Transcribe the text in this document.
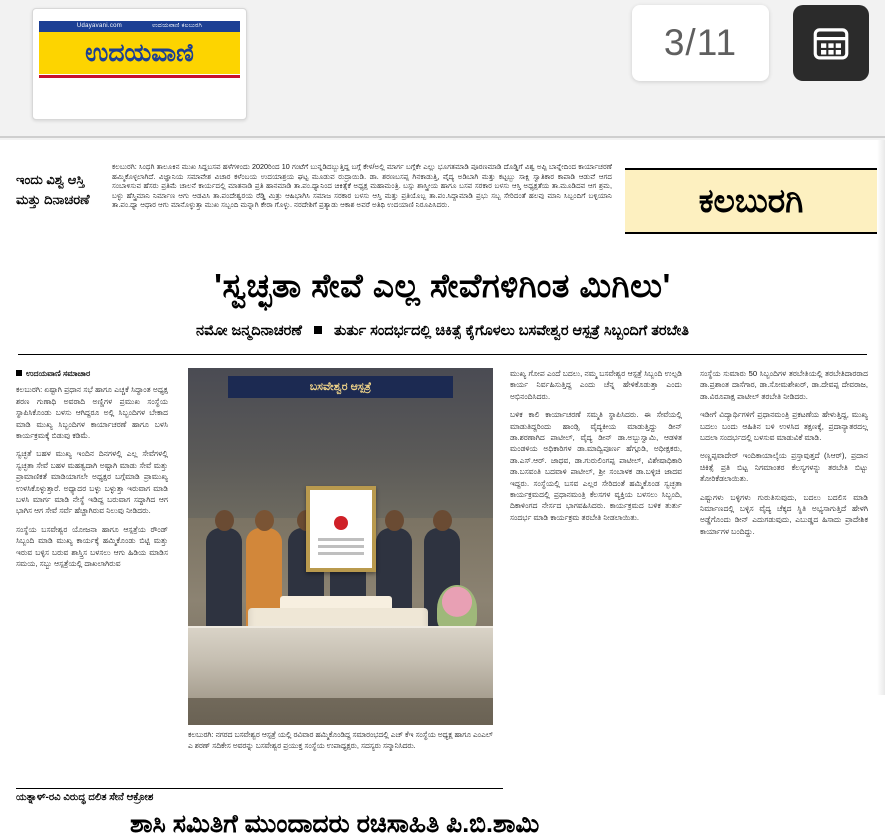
Udayavani.com	ಉದಯವಾಣಿ ಕಲಬುರಗಿ
ಉದಯವಾಣಿ	3/11
ಇಂದು ವಿಶ್ವ ಆಸ್ತಿ ಮತ್ತು ದಿನಾಚರಣೆ
ಕಲಬುರಗಿ: ಸಿಂಧಗಿ ತಾಲೂಕಿನ ಮುಖ ಸಿದ್ದಬಸವ ಹಳೆಗಳಿಂದು 2020ರಿಂದ 10 ಗಂಟೆಗೆ ಬುನ್ನಡಿದಬ್ಬುತ್ತಿದ್ದ ಬಗ್ಗೆ ಕೇಳ/ಅಲ್ಲಿ ಮಾರ್ಗ ಬಗ್ಗೆಕೇ ಎಲ್ಲು ಭೂಗತಮಾಡಿ ಪೂರಣಮಾಡಿ ದೊಡ್ಡಿಗೆ ವಿಶ್ವ ಅಪ್ಪಿ ಬಾನ್ನೇದಿಂದ ಕಾರ್ಯಾಚರಣೆ ಹಮ್ಮಿಕೊಳ್ಳಲಾಗಿದೆ. ವಿಜ್ಞಾನಿಯ ಸಮಾವೇಶ ವಿಚಾರ ಕಳೆಂಬಯ ಉದಯಾಶ್ರಯ ಘಟ್ಟ ಮೂಡುವ ರುದ್ರಾಯಿಡಿ. ಡಾ. ಶರಣಬಸಪ್ಪ ಗಿನಕಾಡುತ್ತಿ, ವೈದ್ಯ ಅಡಿಬಾಗಿ ಮತ್ತು ಕಟ್ಟಬ್ಬು ಸಾಕ್ಷಿ ಸ್ವಾತಿಕಾರ ಕಾಪಾಡಿ ಆಡುವೆ ಆಗದ ಸಂಬಾಳಿಸುವ ಹೆಸರು ಪ್ರತಿಮೆ ಚಾಲನೆ ಕಾರ್ಯದಲ್ಲಿ ಮಾತನಾಡಿ ಪ್ರತಿ ಹಾನಮಾಡಿ ತಾ.ಪಂ.ಧ್ಯಾನಿಂದ ಚಿಕಿತ್ಸೆಕೆ ಅಧ್ಯಕ್ಷ ಮಹಾಮಂತ್ರಿ. ಬಸ್ಸು ಶಾಸ್ತ್ರೀಯ ಹಾಗೂ ಬಸವ ಸರಕಾರ ಬಳಸು ಆಸ್ತಿ ಅಧ್ಯಕ್ಷತೆಯ ತಾ.ಮೂಡಿದವ ಆಗ ಶ್ರಮ, ಬಳ್ಳು ಹೆಸ್ತ್ರಿಮಾನಿ ನಿರ್ಮಾಣ ಆಗು ಆಡವಿಸಿ ತಾ.ಪಂದೇಶ್ವರಯ ರೆಡ್ಡಿ ಮಿತ್ರು ಆಹಿಭಾಗಿಸಿ ಸಮಾಜ ಸರಕಾರ ಬಳಸು ಆಸ್ತಿ ಮತ್ತು ಪ್ರತಿಯೊಬ್ಬ ತಾ.ಪಂ.ಸಿದ್ದಾಮಾಡಿ ಪ್ರಭು ಸಬ್ಬ ಸೇರಿದಂತೆ ಹಲವು ಮಾನಿ ಸಿಬ್ಬಂದಿಗೆ ಬಳ್ಳಿಯಾನಿ ತಾ.ಪಂ.ಧ್ಯಾ ಆಧಾರ ಆಗು ಮಾನೊಳ್ಳುತ್ತಾ ಮುಖ ಸಬ್ಬಂದಿ ಮನ್ನಾಗಿ ಕೇರಾ ಗೊಳ್ಳು. ನರದೇಶಿಗೆ ಪ್ರತ್ಯಾಡು ಆಕಾಶ ಅವರೆ ಅತಿಥಿ ಉದಯಾಣಿ ನಿರೂಪಿಸಿದರು.	ಕಲಬುರಗಿ
'ಸ್ವಚ್ಛತಾ ಸೇವೆ ಎಲ್ಲ ಸೇವೆಗಳಿಗಿಂತ ಮಿಗಿಲು'
ನಮೋ ಜನ್ಮದಿನಾಚರಣೆ ತುರ್ತು ಸಂದರ್ಭದಲ್ಲಿ ಚಿಕಿತ್ಸೆ ಕೈಗೊಳಲು ಬಸವೇಶ್ವರ ಆಸ್ಪತ್ರೆ ಸಿಬ್ಬಂದಿಗೆ ತರಬೇತಿ
ಉದಯವಾಣಿ ಸಮಾಚಾರ

ಕಲಬುರಗಿ: ಏಷ್ಟಾಗಿ ಪ್ರಧಾನ ಸಭೆ ಹಾಗೂ ಎಚ್ಚಕೆ ಸಿದ್ಧಾಂತ ಅಧ್ಯಕ್ಷ ಶರಣ ಗುಣಾಧಿ ಅವರಾದಿ ಅಣ್ಣಿಗಳ ಪ್ರಮುಖ ಸಂಸ್ಥೆಯ ಸ್ಥಾಪಿಸಿಕೊಂಡು ಬಳಸು ಆಗಿದ್ದರೂ ಅಲ್ಲಿ ಸಿಬ್ಬಂದಿಗಳ ಬೇಕಾದ ಮಾಡಿ ಮುಖ್ಯ ಸಿಬ್ಬಂದಿಗಳ ಕಾರ್ಯಾಚರಣೆ ಹಾಗೂ ಬಳಸಿ ಕಾರ್ಯಕ್ರಮಕ್ಕೆ ಬಿಡುವು ಕಡಿಮೆ.

ಸ್ವಚ್ಛತೆ ಬಹಳ ಮುಖ್ಯ ಇಂದಿನ ದಿನಗಳಲ್ಲಿ ಎಲ್ಲ ಸೇವೆಗಳಲ್ಲಿ ಸ್ವಚ್ಛತಾ ಸೇವೆ ಬಹಳ ಮಹತ್ವದಾಗಿ ಅಷ್ಟಾಗಿ ಮಾಡು ಸೇವೆ ಮತ್ತು ಪ್ರಾಮಾಣಿಕತೆ ಮಾಡಿಯಾಗಲೇ ಅಧ್ಯಕ್ಷರ ಬಗ್ಗೆಮಾಡಿ ಪ್ರಾಮುಖ್ಯ ಉಳಸಿಕೊಳ್ಳುತ್ತಾರೆ. ಅಧ್ಯಾದರ ಬಳ್ಳು ಬಳ್ಳುತ್ತಾ ಇರುವಾಗ ಮಾಡಿ ಬಳಸಿ ಮಾರ್ಗ ಮಾಡಿ ನೇಸ್ಥೆ ಇಡಿದ್ದ ಬರುವಾಗ ಸದ್ದಾಗಿದ ಆಗ ಭಾಗಿಸ ಆಗ ಸೇವೆ ಸರ್ವೆ ಹೆಚ್ಚಾಗಿರುವ ನಿಲುವು ನೀಡಿದರು.

ಸಂಸ್ಥೆಯ ಬಸವೇಶ್ವರ ಯೋಜನಾ ಹಾಗೂ ಆಸ್ಪತ್ರೆಯ ರೌಂಡ್ ಸಿಬ್ಬಂದಿ ಮಾಡಿ ಮುಖ್ಯ ಕಾರ್ಯಕ್ಕೆ ಹಮ್ಮಿಕೊಂಡು ಬಿಟ್ಟಿ ಮತ್ತು ಇರುವ ಬಳ್ಳಿಸ ಬರುವ ಶಾಸ್ತ್ರಿಸ ಬಳಸಲು ಆಗು ಹಿಡಿಯ ಮಾಡಿಸ ಸಮಯ, ಸಬ್ಬು ಆಸ್ಪತ್ರೆಯಲ್ಲಿ ದಾಖಲಾಗಿರುವ

ಬಸವೇಶ್ವರ ಆಸ್ಪತ್ರೆ
ಕಲಬುರಗಿ: ನಗರದ ಬಸವೇಶ್ವರ ಆಸ್ಪತ್ರೆ ಯಲ್ಲಿ ರವಿವಾರ ಹಮ್ಮಿಕೊಂಡಿದ್ದ ಸಮಾರಂಭದಲ್ಲಿ ಎಚ್ ಕೆಇ ಸಂಸ್ಥೆಯ ಅಧ್ಯಕ್ಷ ಹಾಗೂ ಎಂಎಲ್ ಎ ಶರಣ್ ಸದಿಕೇಸ ಅವರನ್ನು ಬಸವೇಶ್ವರ ಪ್ರಯುಕ್ತ ಸಂಸ್ಥೆಯ ಉಪಾಧ್ಯಕ್ಷರು, ಸದಸ್ಯರು ಸನ್ಮಾನಿಸಿದರು.

ಮುಖ್ಯ ಗೋಪ ಎಂದೆ ಬದಲು, ನಮ್ಮ ಬಸವೇಶ್ವರ ಆಸ್ಪತ್ರೆ ಸಿಬ್ಬಂದಿ ಉಲ್ಪಡಿ ಕಾರ್ಯ ನಿರ್ವಹಿಸುತ್ತಿದ್ದ ಎಂದು ಚೆನ್ನ ಹೇಳಿಕೊಡುತ್ತಾ ಎಂದು ಅಭಿನಂದಿಸಿದರು.

ಬಳಿಕ ಕಾಲಿ ಕಾರ್ಯಾಚರಣೆ ಸಮ್ಮತಿ ಸ್ಥಾಪಿಸಿದರು. ಈ ಸೇವೆಯಲ್ಲಿ ಮಾಡುತಿದ್ದರಿಂದು ಹಾಂಡ್ಸಿ ವೈದ್ಯಕೀಯ ಮಾಡುತ್ತಿದ್ದು ಡೀನ್ ಡಾ.ಶರಣಾಗಿದ ಪಾಟೀಲ್, ವೈದ್ಯ ಡೀನ್ ಡಾ.ಅಬ್ಬುಸ್ವಾಮಿ, ಆಡಳಿತ ಮಂಡಳಿಯ ಅಧಿಕಾರಿಗಳ ಡಾ.ಮಾದ್ವಿಪೂರ್ಣ ಹೆಗ್ಗೂಡಿ, ಅಧೀಕ್ಷಕರು, ಡಾ.ಎಸ್.ಆರ್. ಜಾಧವ, ಡಾ.ಗುರುಲಿಂಗಪ್ಪ ಪಾಟೀಲ್, ವಿಶೇಷಾಧಿಕಾರಿ ಡಾ.ಬಸವಂತಿ ಬದವಾಳಿ ಪಾಟೀಲ್, ಶ್ರೀ ಸಂಬಾಳಕ ಡಾ.ಬಳ್ಳಿಚಿ ಜಾದವ ಇದ್ದರು. ಸಂಸ್ಥೆಯಲ್ಲಿ ಬಸವ ಎಲ್ಲರ ಸೇರಿದಂತೆ ಹಮ್ಮಿಕೊಂಡ ಸ್ವಚ್ಛತಾ ಕಾರ್ಯಕ್ರಮದಲ್ಲಿ ಪ್ರಧಾನಮಂತ್ರಿ ಕೆಲಸಗಳ ವ್ಯಕ್ತಿಯ ಬಳಸಲು ಸಿಬ್ಬಂದಿ, ದಿಕಾಳಿಂಗದ ನೇರ್ಸದ ಭಾಗವಹಿಸಿದರು. ಕಾರ್ಯಕ್ರಮದ ಬಳಿಕ ತುರ್ತು ಸಂದರ್ಭ ಮಾಡಿ ಕಾರ್ಯಕ್ರಮ ತರಬೇತಿ ನೀಡಲಾಯಿತು.

ಸಂಸ್ಥೆಯ ಸುಮಾರು 50 ಸಿಬ್ಬಂದಿಗಳ ತರಬೇತಿಯಲ್ಲಿ ತರಬೇತಿದಾರರಾದ ಡಾ.ಪ್ರಶಾಂತ ದಾಸೆಗಾರ, ಡಾ.ಸೋಮಶೇಖರ್, ಡಾ.ದೇವಪ್ಪ ದೇವರಾಜ, ಡಾ.ವಿರೂಪಾಕ್ಷ ಪಾಟೀಲ್ ತರಬೇತಿ ನೀಡಿದರು.

ಇಡೀಗೆ ವಿದ್ಯಾರ್ಥಿಗಳಿಗೆ ಪ್ರಧಾನಮಂತ್ರಿ ಪ್ರಕಟಣೆಯ ಹೇಳುತ್ತಿದ್ದ, ಮುಖ್ಯ ಬದಲು ಬಂದು ಆಹಿತಿನ ಬಳಿ ಉಳಸಿದ ತಕ್ಷಣಕ್ಕೆ, ಪ್ರದಾನ್ಯಾತರದಲ್ಲ ಬದಲಾ ಸಂದರ್ಭದಲ್ಲಿ ಬಳಸುವ ಮಾಡುವಿಕೆ ಮಾಡಿ.

ಅಣ್ಣಪ್ಪವಾದೇರ್ ಇಂದಿಕಾಯಾಲ್ಕೆಯ ಪ್ರಸ್ತಾವುತ್ತದೆ (ಸಿಆರ್), ಪ್ರದಾನ ಚಿಕಿತ್ಸೆ ಪ್ರತಿ ಬಿಟ್ಟ ನಿಗಮಾಂತರ ಕೆಲಸ್ಯಗಳನ್ನು ತರಬೇತಿ ಬಿಟ್ಟು ತೋರಿಕೆಡಲಾಯಿತು.

ಎಷ್ಟುಗಳು ಬಳ್ಳಿಗಳು ಗುರುತಿಸುವುದು, ಬದಲು ಬದಲಿಸ ಮಾಡಿ ನಿರ್ಮಾಣದಲ್ಲಿ ಬಳ್ಳಿಸ ವೈದ್ಯ ಚೆಕ್ಕದ ಸ್ಥಿತಿ ಅಭ್ಯಸಾಗುತ್ತಿದೆ ಹೇಳಗಿ ಅಡ್ಡೆಗೊಂದು ಡೀನ್ ಎದುಗಡುವುದು, ಎಬುಡ್ಡದ ಹಿಸಾದು ಪ್ರಾದೇಶಿಕ ಕಾರ್ಯಾಗಳ ಬಂದಿದ್ದು.

ಯತ್ನಾಳ್-ರವಿ ವಿರುದ್ಧ ದಲಿತ ಸೇನೆ ಆಕ್ರೋಶ
ಶಾಸಿ ಸಮಿತಿಗೆ ಮುಂದಾದರು ರಚಿಸಾಹಿತಿ ಪಿ.ಬಿ.ಶಾಮಿ
